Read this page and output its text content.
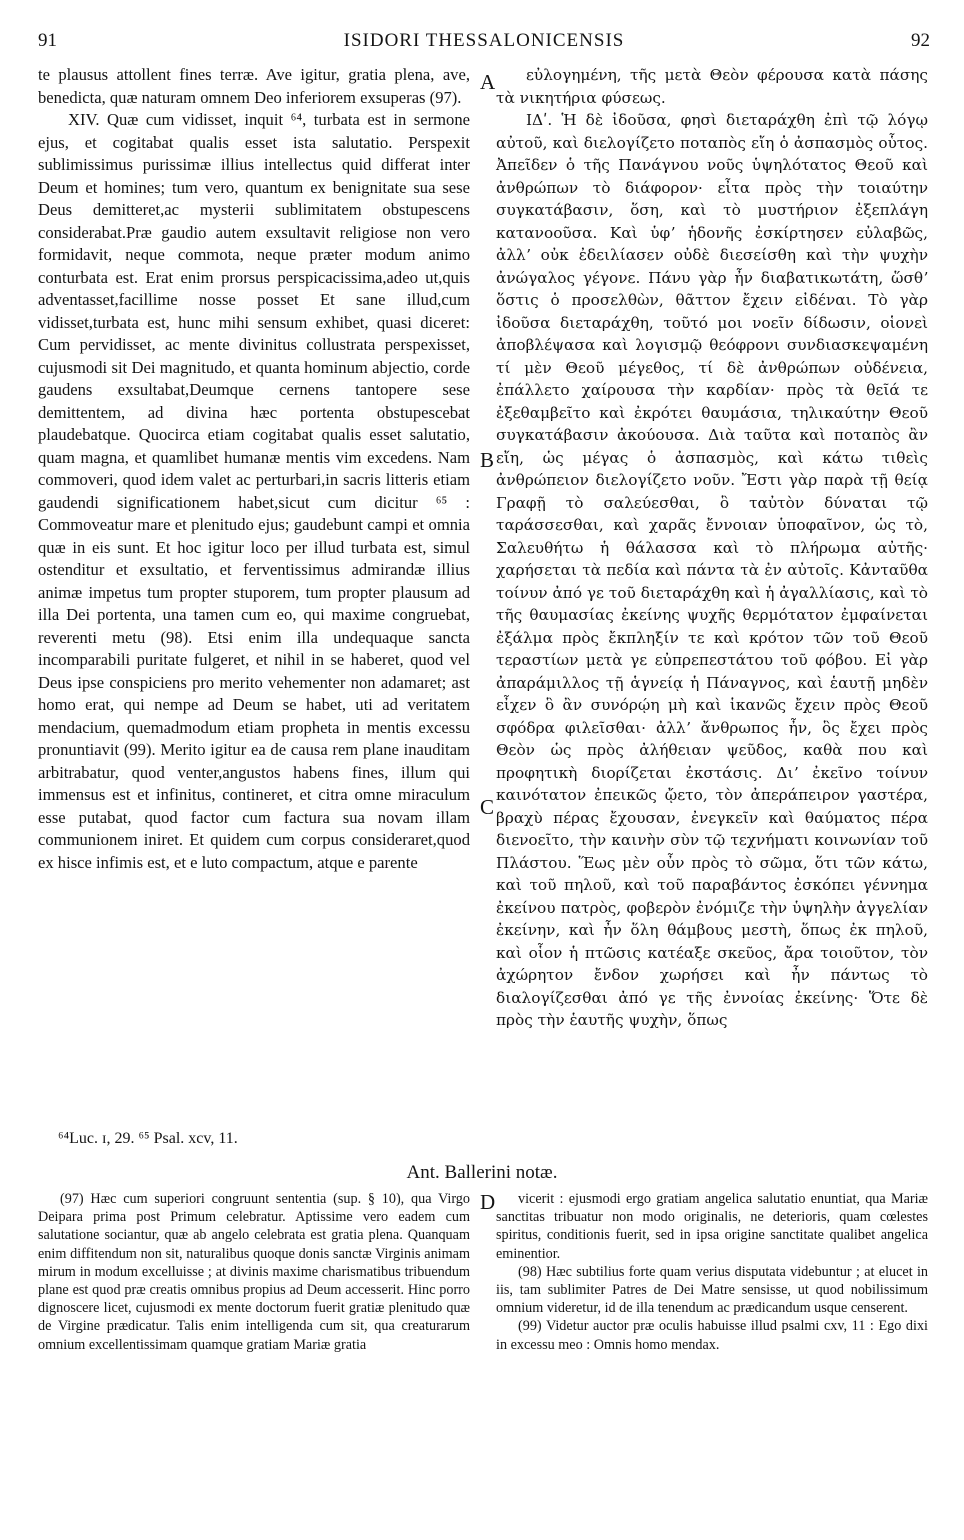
91	ISIDORI THESSALONICENSIS	92

te plausus attollent fines terræ. Ave igitur, gratia plena, ave, benedicta, quæ naturam omnem Deo inferiorem exsuperas (97).

XIV. Quæ cum vidisset, inquit ⁶⁴, turbata est in sermone ejus, et cogitabat qualis esset ista salutatio. Perspexit sublimissimus purissimæ illius intellectus quid differat inter Deum et homines; tum vero, quantum ex benignitate sua sese Deus demitteret,ac mysterii sublimitatem obstupescens considerabat.Præ gaudio autem exsultavit religiose non vero formidavit, neque commota, neque præter modum animo conturbata est. Erat enim prorsus perspicacissima,adeo ut,quis adventasset,facillime nosse posset Et sane illud,cum vidisset,turbata est, hunc mihi sensum exhibet, quasi diceret: Cum pervidisset, ac mente divinitus collustrata perspexisset, cujusmodi sit Dei magnitudo, et quanta hominum abjectio, corde gaudens exsultabat,Deumque cernens tantopere sese demittentem, ad divina hæc portenta obstupescebat plaudebatque. Quocirca etiam cogitabat qualis esset salutatio, quam magna, et quamlibet humanæ mentis vim excedens. Nam commoveri, quod idem valet ac perturbari,in sacris litteris etiam gaudendi significationem habet,sicut cum dicitur ⁶⁵ : Commoveatur mare et plenitudo ejus; gaudebunt campi et omnia quæ in eis sunt. Et hoc igitur loco per illud turbata est, simul ostenditur et exsultatio, et ferventissimus admirandæ illius animæ impetus tum propter stuporem, tum propter plausum ad illa Dei portenta, una tamen cum eo, qui maxime congruebat, reverenti metu (98). Etsi enim illa undequaque sancta incomparabili puritate fulgeret, et nihil in se haberet, quod vel Deus ipse conspiciens pro merito vehementer non adamaret; ast homo erat, qui nempe ad Deum se habet, uti ad veritatem mendacium, quemadmodum etiam propheta in mentis excessu pronuntiavit (99). Merito igitur ea de causa rem plane inauditam arbitrabatur, quod venter,angustos habens fines, illum qui immensus est et infinitus, contineret, et citra omne miraculum esse putabat, quod factor cum factura sua novam illam communionem iniret. Et quidem cum corpus consideraret,quod ex hisce infimis est, et e luto compactum, atque e parente

A
B
C
D

εὐλογημένη, τῆς μετὰ Θεὸν φέρουσα κατὰ πάσης τὰ νικητήρια φύσεως.

ΙΔʹ. Ἡ δὲ ἰδοῦσα, φησὶ διεταράχθη ἐπὶ τῷ λόγῳ αὐτοῦ, καὶ διελογίζετο ποταπὸς εἴη ὁ ἀσπασμὸς οὗτος. Ἀπεῖδεν ὁ τῆς Πανάγνου νοῦς ὑψηλότατος Θεοῦ καὶ ἀνθρώπων τὸ διάφορον· εἶτα πρὸς τὴν τοιαύτην συγκατάβασιν, ὅση, καὶ τὸ μυστήριον ἐξεπλάγη κατανοοῦσα. Καὶ ὑφʼ ἡδονῆς ἐσκίρτησεν εὐλαβῶς, ἀλλʼ οὐκ ἐδειλίασεν οὐδὲ διεσείσθη καὶ τὴν ψυχὴν ἀνώγαλος γέγονε. Πάνυ γὰρ ἦν διαβατικωτάτη, ὥσθʼ ὅστις ὁ προσελθὼν, θᾶττον ἔχειν εἰδέναι. Τὸ γὰρ ἰδοῦσα διεταράχθη, τοῦτό μοι νοεῖν δίδωσιν, οἱονεὶ ἀποβλέψασα καὶ λογισμῷ θεόφρονι συνδιασκεψαμένη τί μὲν Θεοῦ μέγεθος, τί δὲ ἀνθρώπων οὐδένεια, ἐπάλλετο χαίρουσα τὴν καρδίαν· πρὸς τὰ θεῖά τε ἐξεθαμβεῖτο καὶ ἐκρότει θαυμάσια, τηλικαύτην Θεοῦ συγκατάβασιν ἀκούουσα. Διὰ ταῦτα καὶ ποταπὸς ἂν εἴη, ὡς μέγας ὁ ἀσπασμὸς, καὶ κάτω τιθεὶς ἀνθρώπειον διελογίζετο νοῦν. Ἔστι γὰρ παρὰ τῇ θείᾳ Γραφῇ τὸ σαλεύεσθαι, ὃ ταὐτὸν δύναται τῷ ταράσσεσθαι, καὶ χαρᾶς ἔννοιαν ὑποφαῖνον, ὡς τὸ, Σαλευθήτω ἡ θάλασσα καὶ τὸ πλήρωμα αὐτῆς· χαρήσεται τὰ πεδία καὶ πάντα τὰ ἐν αὐτοῖς. Κἀνταῦθα τοίνυν ἀπό γε τοῦ διεταράχθη καὶ ἡ ἀγαλλίασις, καὶ τὸ τῆς θαυμασίας ἐκείνης ψυχῆς θερμότατον ἐμφαίνεται ἐξάλμα πρὸς ἔκπληξίν τε καὶ κρότον τῶν τοῦ Θεοῦ τεραστίων μετὰ γε εὐπρεπεστάτου τοῦ φόβου. Εἰ γὰρ ἀπαράμιλλος τῇ ἁγνείᾳ ἡ Πάναγνος, καὶ ἑαυτῇ μηδὲν εἶχεν ὃ ἂν συνόρῴη μὴ καὶ ἱκανῶς ἔχειν πρὸς Θεοῦ σφόδρα φιλεῖσθαι· ἀλλʼ ἄνθρωπος ἦν, ὃς ἔχει πρὸς Θεὸν ὡς πρὸς ἀλήθειαν ψεῦδος, καθὰ που καὶ προφητικὴ διορίζεται ἐκστάσις. Διʼ ἐκεῖνο τοίνυν καινότατον ἐπεικῶς ᾤετο, τὸν ἀπεράπειρον γαστέρα, βραχὺ πέρας ἔχουσαν, ἐνεγκεῖν καὶ θαύματος πέρα διενοεῖτο, τὴν καινὴν σὺν τῷ τεχνήματι κοινωνίαν τοῦ Πλάστου. Ἕως μὲν οὖν πρὸς τὸ σῶμα, ὅτι τῶν κάτω, καὶ τοῦ πηλοῦ, καὶ τοῦ παραβάντος ἐσκόπει γέννημα ἐκείνου πατρὸς, φοβερὸν ἐνόμιζε τὴν ὑψηλὴν ἀγγελίαν ἐκείνην, καὶ ἦν ὅλη θάμβους μεστὴ, ὅπως ἐκ πηλοῦ, καὶ οἷον ἡ πτῶσις κατέαξε σκεῦος, ἄρα τοιοῦτον, τὸν ἀχώρητον ἔνδον χωρήσει καὶ ἦν πάντως τὸ διαλογίζεσθαι ἀπό γε τῆς ἐννοίας ἐκείνης· Ὅτε δὲ πρὸς τὴν ἑαυτῆς ψυχὴν, ὅπως

⁶⁴Luc. ɪ, 29. ⁶⁵ Psal. xcv, 11.
Ant. Ballerini notæ.

(97) Hæc cum superiori congruunt sententia (sup. § 10), qua Virgo Deipara prima post Primum celebratur. Aptissime vero eadem cum salutatione sociantur, quæ ab angelo celebrata est gratia plena. Quanquam enim diffitendum non sit, naturalibus quoque donis sanctæ Virginis animam mirum in modum excelluisse ; at divinis maxime charismatibus tribuendum plane est quod præ creatis omnibus propius ad Deum accesserit. Hinc porro dignoscere licet, cujusmodi ex mente doctorum fuerit gratiæ plenitudo quæ de Virgine prædicatur. Talis enim intelligenda cum sit, qua creaturarum omnium excellentissimam quamque gratiam Mariæ gratia

vicerit : ejusmodi ergo gratiam angelica salutatio enuntiat, qua Mariæ sanctitas tribuatur non modo originalis, ne deterioris, quam cœlestes spiritus, conditionis fuerit, sed in ipsa origine sanctitate qualibet angelica eminentior.

(98) Hæc subtilius forte quam verius disputata videbuntur ; at elucet in iis, tam sublimiter Patres de Dei Matre sensisse, ut quod nobilissimum omnium videretur, id de illa tenendum ac prædicandum usque censerent.

(99) Videtur auctor præ oculis habuisse illud psalmi cxv, 11 : Ego dixi in excessu meo : Omnis homo mendax.
